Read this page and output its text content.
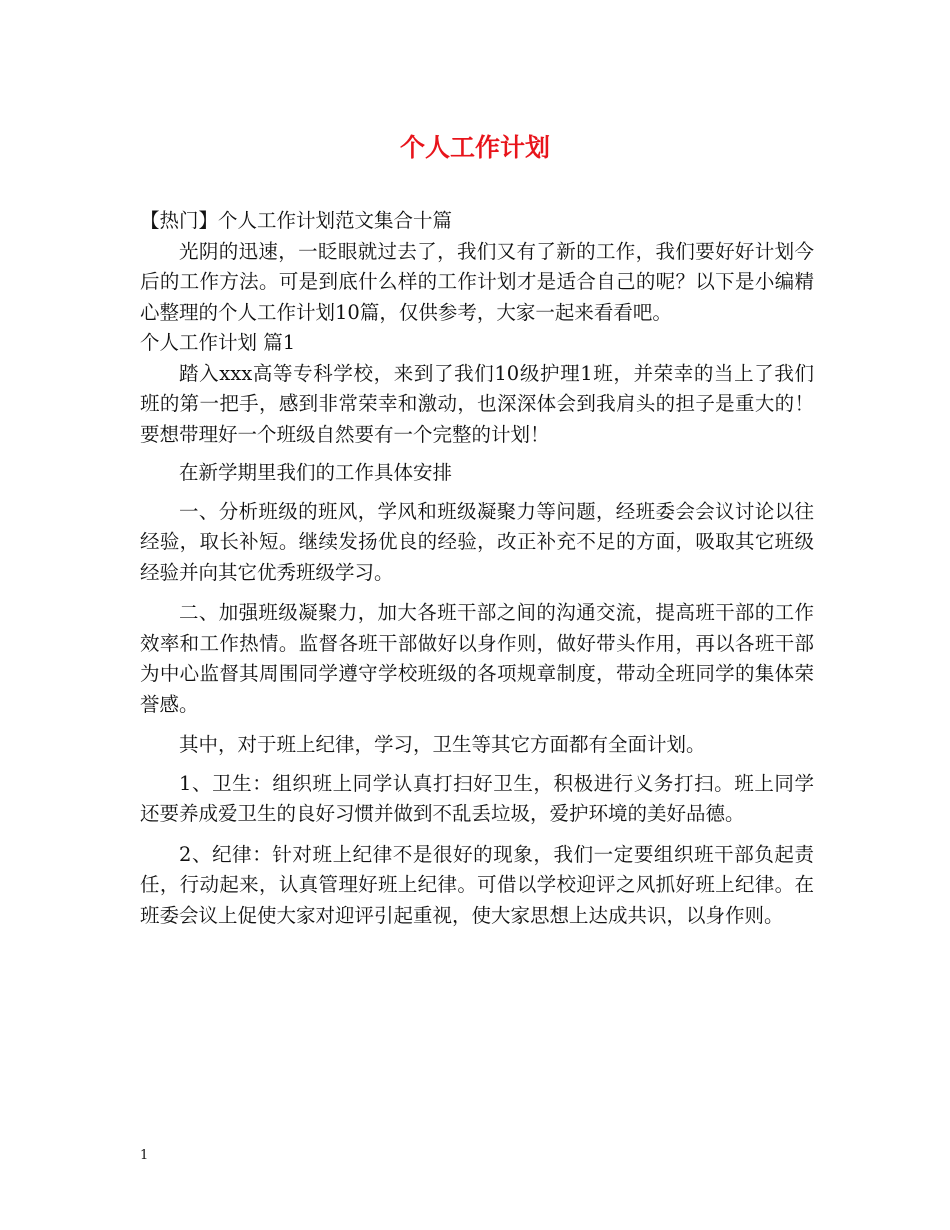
个人工作计划

【热门】个人工作计划范文集合十篇

光阴的迅速，一眨眼就过去了，我们又有了新的工作，我们要好好计划今后的工作方法。可是到底什么样的工作计划才是适合自己的呢？以下是小编精心整理的个人工作计划10篇，仅供参考，大家一起来看看吧。

个人工作计划 篇1

踏入xxx高等专科学校，来到了我们10级护理1班，并荣幸的当上了我们班的第一把手，感到非常荣幸和激动，也深深体会到我肩头的担子是重大的！要想带理好一个班级自然要有一个完整的计划！

在新学期里我们的工作具体安排

一、分析班级的班风，学风和班级凝聚力等问题，经班委会会议讨论以往经验，取长补短。继续发扬优良的经验，改正补充不足的方面，吸取其它班级经验并向其它优秀班级学习。

二、加强班级凝聚力，加大各班干部之间的沟通交流，提高班干部的工作效率和工作热情。监督各班干部做好以身作则，做好带头作用，再以各班干部为中心监督其周围同学遵守学校班级的各项规章制度，带动全班同学的集体荣誉感。

其中，对于班上纪律，学习，卫生等其它方面都有全面计划。

1、卫生：组织班上同学认真打扫好卫生，积极进行义务打扫。班上同学还要养成爱卫生的良好习惯并做到不乱丢垃圾，爱护环境的美好品德。

2、纪律：针对班上纪律不是很好的现象，我们一定要组织班干部负起责任，行动起来，认真管理好班上纪律。可借以学校迎评之风抓好班上纪律。在班委会议上促使大家对迎评引起重视，使大家思想上达成共识，以身作则。

1
